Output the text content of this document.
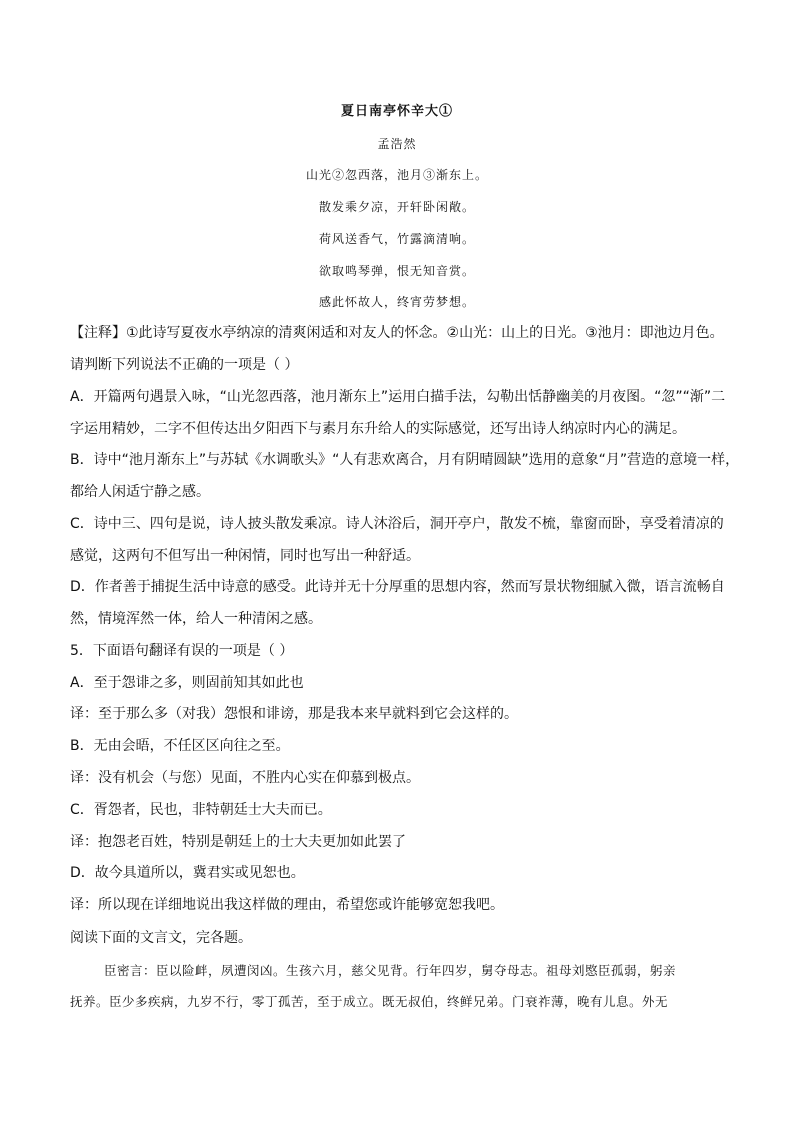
夏日南亭怀辛大①
孟浩然
山光②忽西落，池月③渐东上。
散发乘夕凉，开轩卧闲敞。
荷风送香气，竹露滴清响。
欲取鸣琴弹，恨无知音赏。
感此怀故人，终宵劳梦想。
【注释】①此诗写夏夜水亭纳凉的清爽闲适和对友人的怀念。②山光：山上的日光。③池月：即池边月色。
请判断下列说法不正确的一项是（ ）
A．开篇两句遇景入咏，“山光忽西落，池月渐东上”运用白描手法，勾勒出恬静幽美的月夜图。“忽”“渐”二
字运用精妙，二字不但传达出夕阳西下与素月东升给人的实际感觉，还写出诗人纳凉时内心的满足。
B．诗中“池月渐东上”与苏轼《水调歌头》“人有悲欢离合，月有阴晴圆缺”选用的意象“月”营造的意境一样，
都给人闲适宁静之感。
C．诗中三、四句是说，诗人披头散发乘凉。诗人沐浴后，洞开亭户，散发不梳，靠窗而卧，享受着清凉的
感觉，这两句不但写出一种闲情，同时也写出一种舒适。
D．作者善于捕捉生活中诗意的感受。此诗并无十分厚重的思想内容，然而写景状物细腻入微，语言流畅自
然，情境浑然一体，给人一种清闲之感。
5．下面语句翻译有误的一项是（ ）
A．至于怨诽之多，则固前知其如此也
译：至于那么多（对我）怨恨和诽谤，那是我本来早就料到它会这样的。
B．无由会晤，不任区区向往之至。
译：没有机会（与您）见面，不胜内心实在仰慕到极点。
C．胥怨者，民也，非特朝廷士大夫而已。
译：抱怨老百姓，特别是朝廷上的士大夫更加如此罢了
D．故今具道所以，冀君实或见恕也。
译：所以现在详细地说出我这样做的理由，希望您或许能够宽恕我吧。
阅读下面的文言文，完各题。
臣密言：臣以险衅，夙遭闵凶。生孩六月，慈父见背。行年四岁，舅夺母志。祖母刘愍臣孤弱，躬亲
抚养。臣少多疾病，九岁不行，零丁孤苦，至于成立。既无叔伯，终鲜兄弟。门衰祚薄，晚有儿息。外无
